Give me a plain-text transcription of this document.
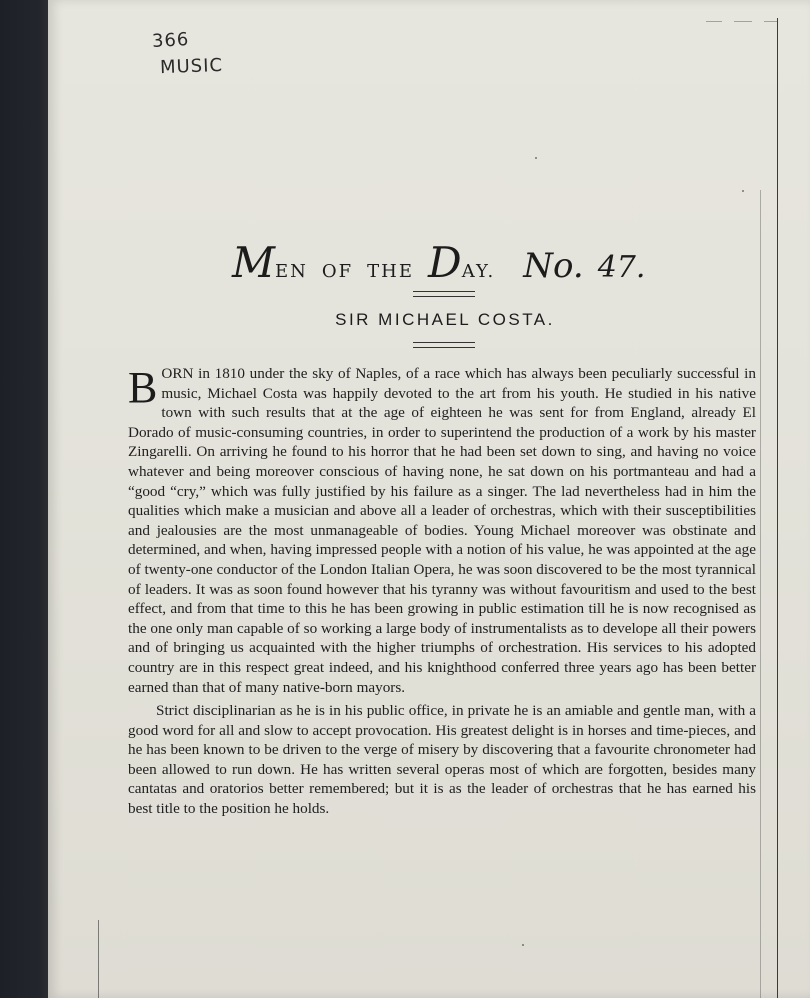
366
MUSIC
MEN OF THE DAY. No. 47.
SIR MICHAEL COSTA.

BORN in 1810 under the sky of Naples, of a race which has always been peculiarly successful in music, Michael Costa was happily devoted to the art from his youth. He studied in his native town with such results that at the age of eighteen he was sent for from England, already El Dorado of music-consuming countries, in order to superintend the production of a work by his master Zingarelli. On arriving he found to his horror that he had been set down to sing, and having no voice whatever and being moreover conscious of having none, he sat down on his portmanteau and had a “good “cry,” which was fully justified by his failure as a singer. The lad nevertheless had in him the qualities which make a musician and above all a leader of orchestras, which with their susceptibilities and jealousies are the most unmanageable of bodies. Young Michael moreover was obstinate and determined, and when, having impressed people with a notion of his value, he was appointed at the age of twenty-one conductor of the London Italian Opera, he was soon discovered to be the most tyrannical of leaders. It was as soon found however that his tyranny was without favouritism and used to the best effect, and from that time to this he has been growing in public estimation till he is now recognised as the one only man capable of so working a large body of instrumentalists as to develope all their powers and of bringing us acquainted with the higher triumphs of orchestration. His services to his adopted country are in this respect great indeed, and his knighthood conferred three years ago has been better earned than that of many native-born mayors.

Strict disciplinarian as he is in his public office, in private he is an amiable and gentle man, with a good word for all and slow to accept provocation. His greatest delight is in horses and time-pieces, and he has been known to be driven to the verge of misery by discovering that a favourite chronometer had been allowed to run down. He has written several operas most of which are forgotten, besides many cantatas and oratorios better remembered; but it is as the leader of orchestras that he has earned his best title to the position he holds.
